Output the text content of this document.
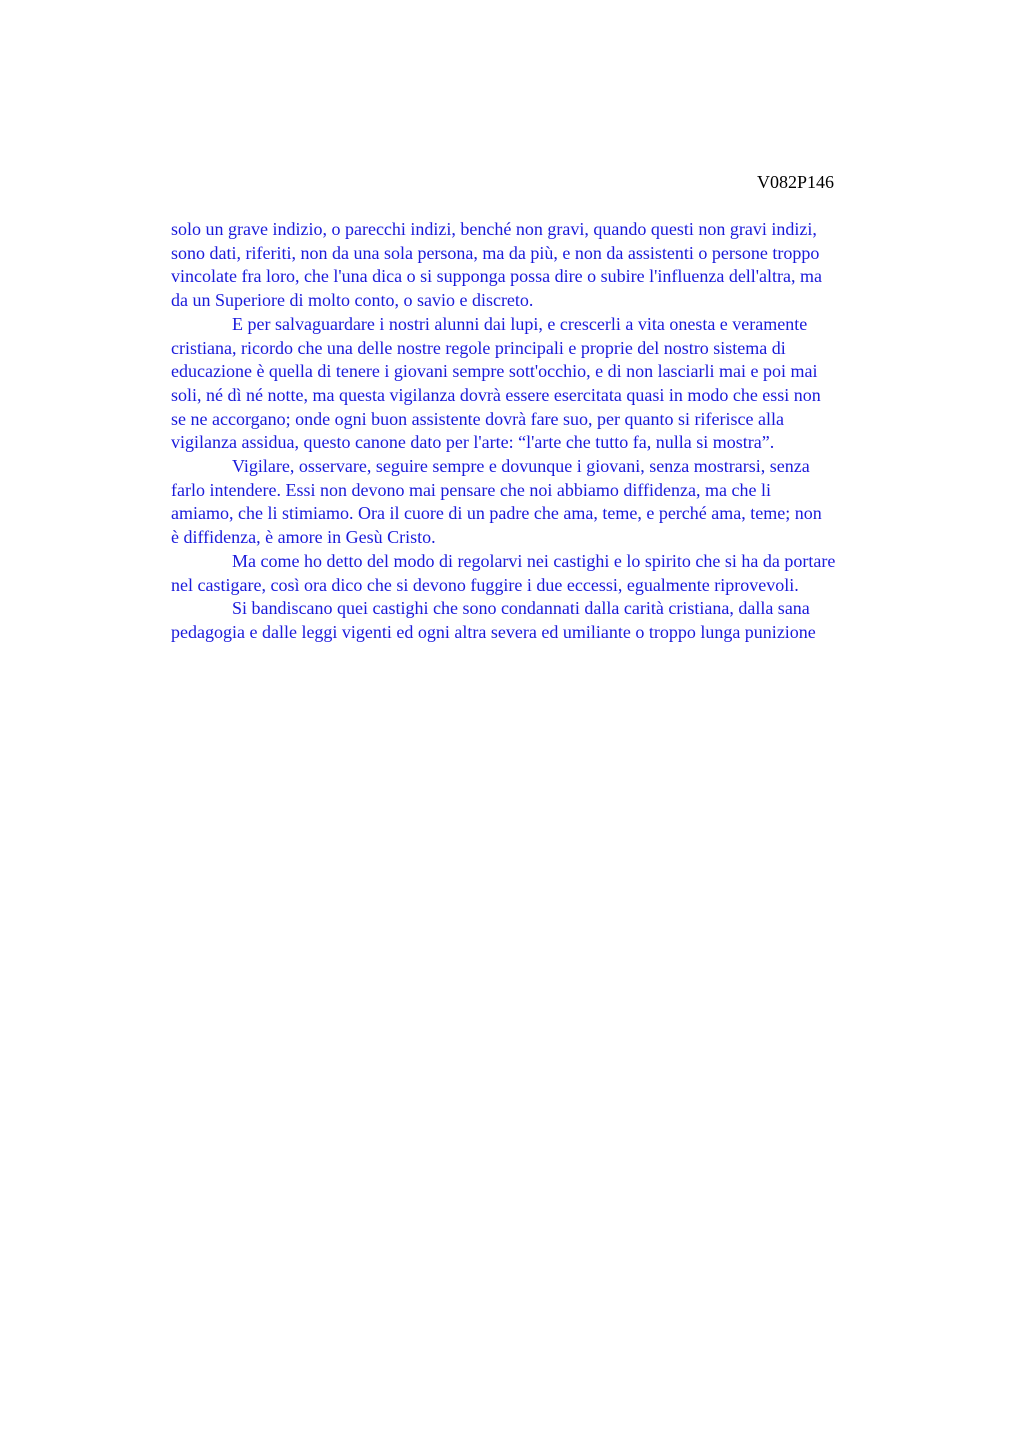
V082P146
solo un grave indizio, o parecchi indizi, benché non gravi, quando questi non gravi indizi,
sono dati, riferiti, non da una sola persona, ma da più, e non da assistenti o persone troppo
vincolate fra loro, che l'una dica o si supponga possa dire o subire l'influenza dell'altra, ma
da un Superiore di molto conto, o savio e discreto.
E per salvaguardare i nostri alunni dai lupi, e crescerli a vita onesta e veramente
cristiana, ricordo che una delle nostre regole principali e proprie del nostro sistema di
educazione è quella di tenere i giovani sempre sott'occhio, e di non lasciarli mai e poi mai
soli, né dì né notte, ma questa vigilanza dovrà essere esercitata quasi in modo che essi non
se ne accorgano; onde ogni buon assistente dovrà fare suo, per quanto si riferisce alla
vigilanza assidua, questo canone dato per l'arte: “l'arte che tutto fa, nulla si mostra”.
Vigilare, osservare, seguire sempre e dovunque i giovani, senza mostrarsi, senza
farlo intendere. Essi non devono mai pensare che noi abbiamo diffidenza, ma che li
amiamo, che li stimiamo. Ora il cuore di un padre che ama, teme, e perché ama, teme; non
è diffidenza, è amore in Gesù Cristo.
Ma come ho detto del modo di regolarvi nei castighi e lo spirito che si ha da portare
nel castigare, così ora dico che si devono fuggire i due eccessi, egualmente riprovevoli.
Si bandiscano quei castighi che sono condannati dalla carità cristiana, dalla sana
pedagogia e dalle leggi vigenti ed ogni altra severa ed umiliante o troppo lunga punizione
